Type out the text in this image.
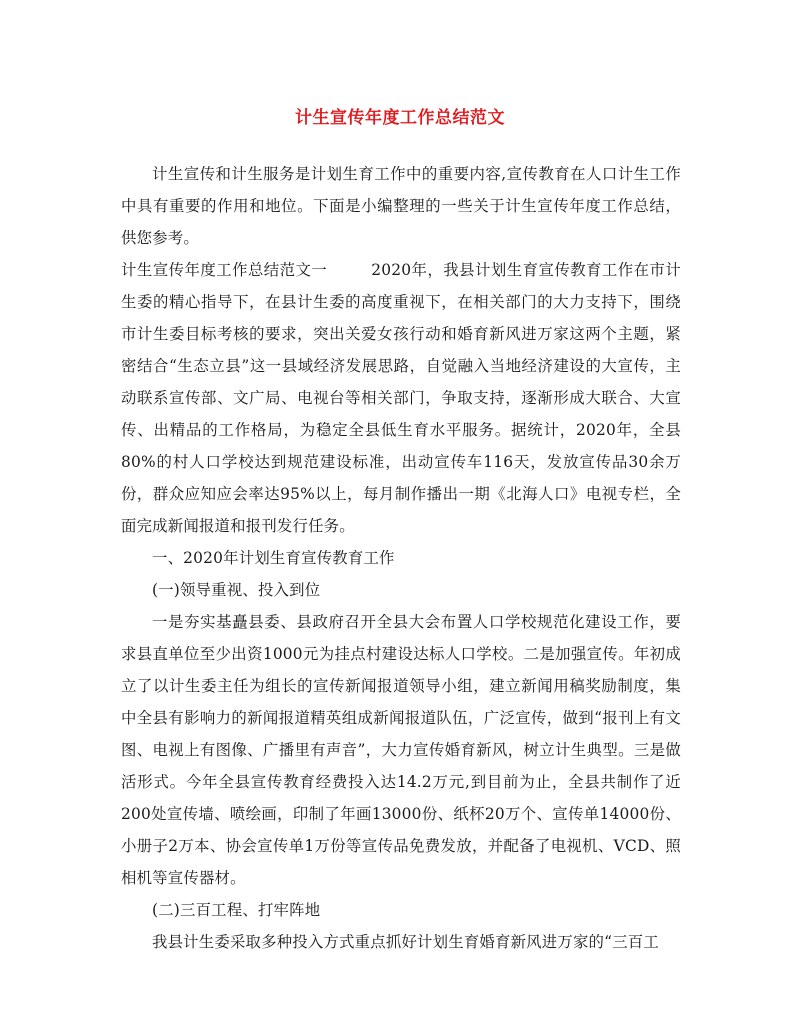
计生宣传年度工作总结范文

计生宣传和计生服务是计划生育工作中的重要内容,宣传教育在人口计生工作中具有重要的作用和地位。下面是小编整理的一些关于计生宣传年度工作总结，供您参考。

计生宣传年度工作总结范文一	2020年，我县计划生育宣传教育工作在市计生委的精心指导下，在县计生委的高度重视下，在相关部门的大力支持下，围绕市计生委目标考核的要求，突出关爱女孩行动和婚育新风进万家这两个主题，紧密结合“生态立县”这一县域经济发展思路，自觉融入当地经济建设的大宣传，主动联系宣传部、文广局、电视台等相关部门，争取支持，逐渐形成大联合、大宣传、出精品的工作格局，为稳定全县低生育水平服务。据统计，2020年，全县80%的村人口学校达到规范建设标准，出动宣传车116天，发放宣传品30余万份，群众应知应会率达95%以上，每月制作播出一期《北海人口》电视专栏，全面完成新闻报道和报刊发行任务。

一、2020年计划生育宣传教育工作

(一)领导重视、投入到位

一是夯实基矗县委、县政府召开全县大会布置人口学校规范化建设工作，要求县直单位至少出资1000元为挂点村建设达标人口学校。二是加强宣传。年初成立了以计生委主任为组长的宣传新闻报道领导小组，建立新闻用稿奖励制度，集中全县有影响力的新闻报道精英组成新闻报道队伍，广泛宣传，做到“报刊上有文图、电视上有图像、广播里有声音”，大力宣传婚育新风，树立计生典型。三是做活形式。今年全县宣传教育经费投入达14.2万元,到目前为止，全县共制作了近200处宣传墙、喷绘画，印制了年画13000份、纸杯20万个、宣传单14000份、小册子2万本、协会宣传单1万份等宣传品免费发放，并配备了电视机、VCD、照相机等宣传器材。

(二)三百工程、打牢阵地

我县计生委采取多种投入方式重点抓好计划生育婚育新风进万家的“三百工
